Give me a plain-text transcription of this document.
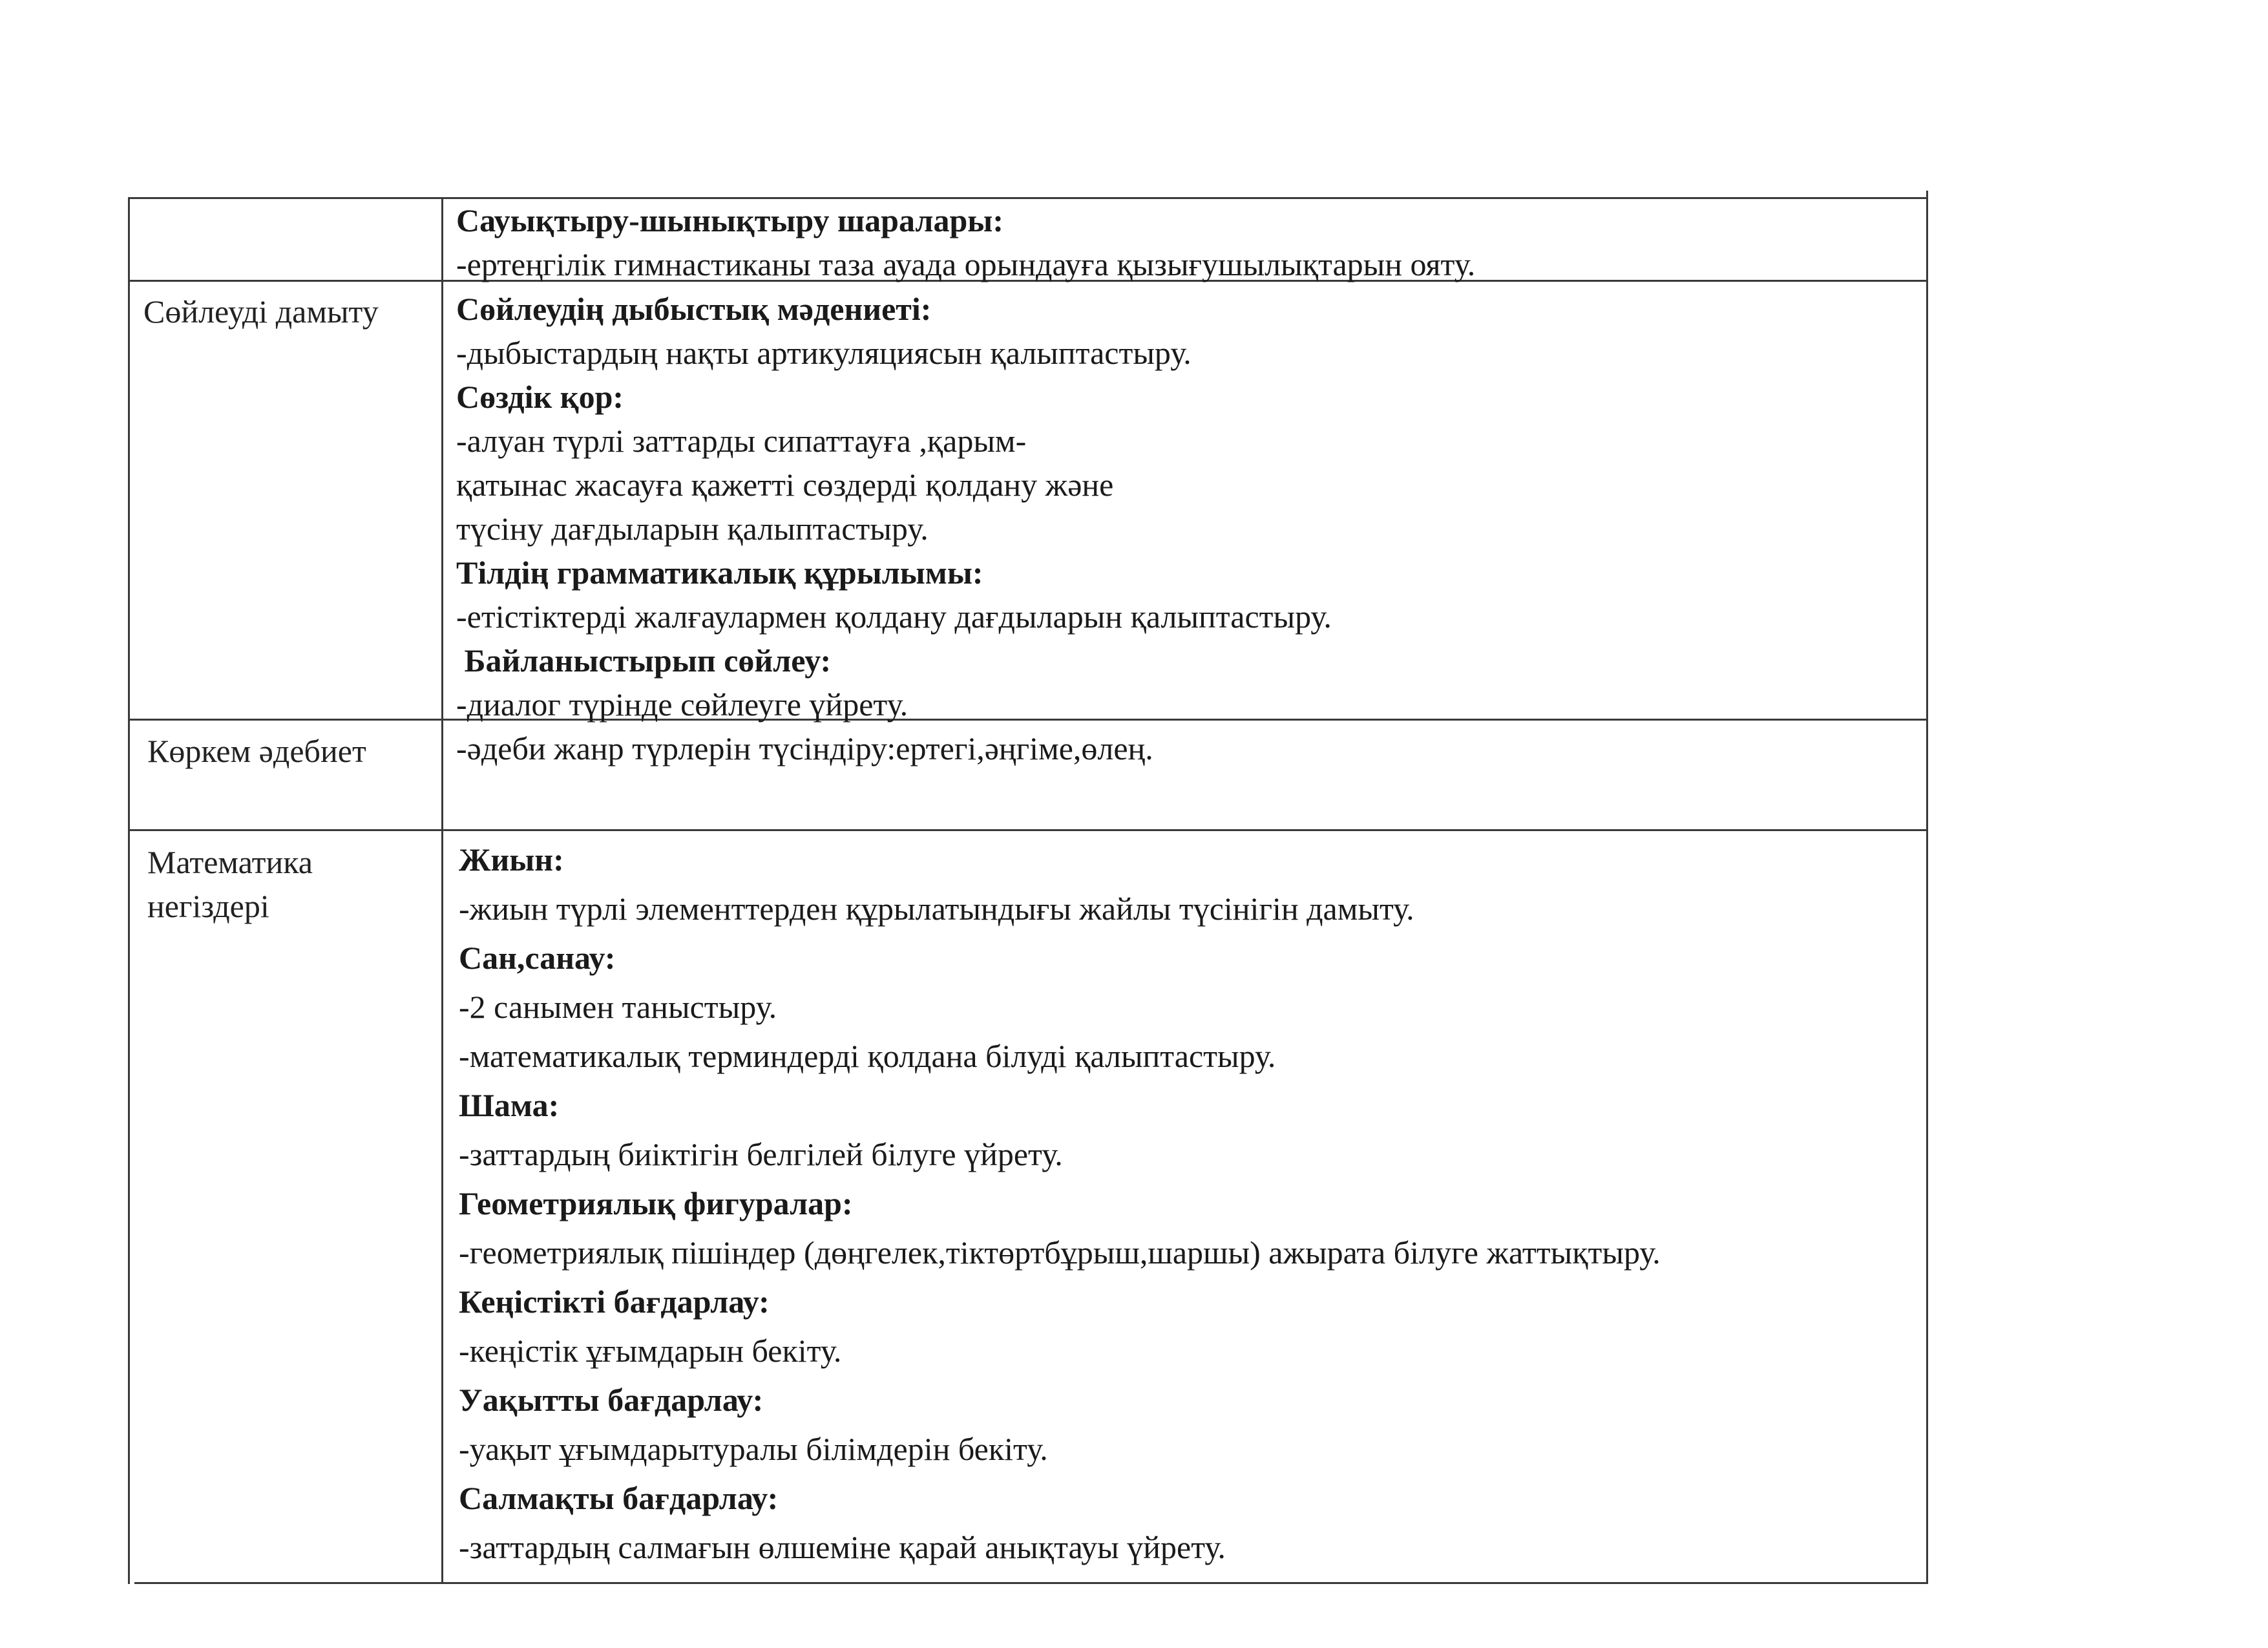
Сауықтыру-шынықтыру шаралары:
-ертеңгілік гимнастиканы таза ауада орындауға қызығушылықтарын ояту.
Сөйлеуді дамыту Сөйлеудің дыбыстық мәдениеті:
-дыбыстардың нақты артикуляциясын қалыптастыру.
Сөздік қор:
-алуан түрлі заттарды сипаттауға ,қарым-
қатынас жасауға қажетті сөздерді қолдану және
түсіну дағдыларын қалыптастыру.
Тілдің грамматикалық құрылымы:
-етістіктерді жалғаулармен қолдану дағдыларын қалыптастыру.
Байланыстырып сөйлеу:
-диалог түрінде сөйлеуге үйрету.
Көркем әдебиет	-әдеби жанр түрлерін түсіндіру:ертегі,әңгіме,өлең.
Математика
негіздері
Жиын:
-жиын түрлі элементтерден құрылатындығы жайлы түсінігін дамыту.
Сан,санау:
-2 санымен таныстыру.
-математикалық терминдерді қолдана білуді қалыптастыру.
Шама:
-заттардың биіктігін белгілей білуге үйрету.
Геометриялық фигуралар:
-геометриялық пішіндер (дөңгелек,тіктөртбұрыш,шаршы) ажырата білуге жаттықтыру.
Кеңістікті бағдарлау:
-кеңістік ұғымдарын бекіту.
Уақытты бағдарлау:
-уақыт ұғымдарытуралы білімдерін бекіту.
Салмақты бағдарлау:
-заттардың салмағын өлшеміне қарай анықтауы үйрету.
